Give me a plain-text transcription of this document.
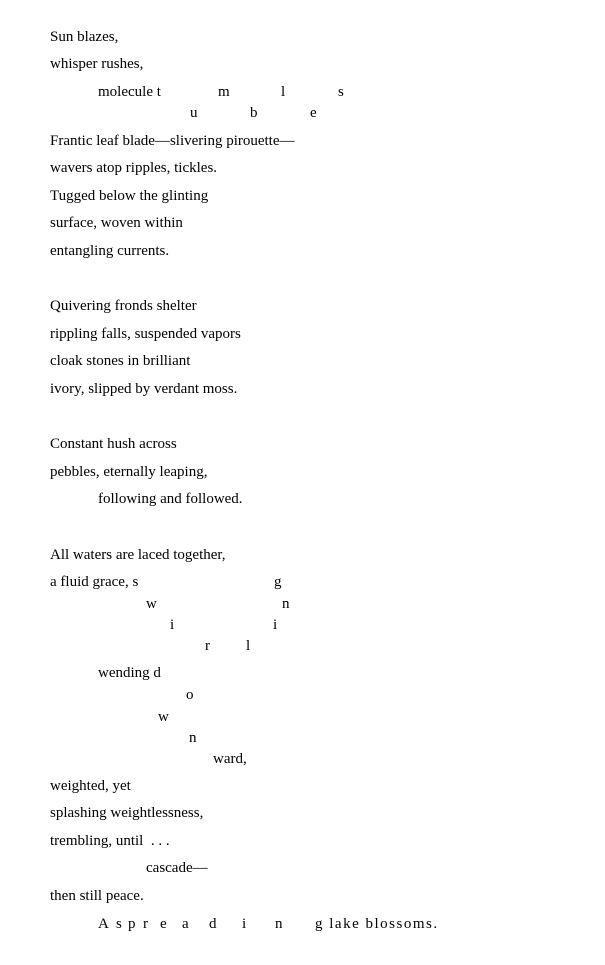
Sun blazes,
whisper rushes,
molecule t
u
m
b
l
e
s
Frantic leaf blade—slivering pirouette—
wavers atop ripples, tickles.
Tugged below the glinting
surface, woven within
entangling currents.
Quivering fronds shelter
rippling falls, suspended vapors
cloak stones in brilliant
ivory, slipped by verdant moss.
Constant hush across
pebbles, eternally leaping,
following and followed.
All waters are laced together,
a fluid grace, s
w
i
r l
i
n
g
wending d
o
w
n
ward,
weighted, yet
splashing weightlessness,
trembling, until  . . .
cascade—
then still peace.
A s p r e a d i n g lake blossoms.
